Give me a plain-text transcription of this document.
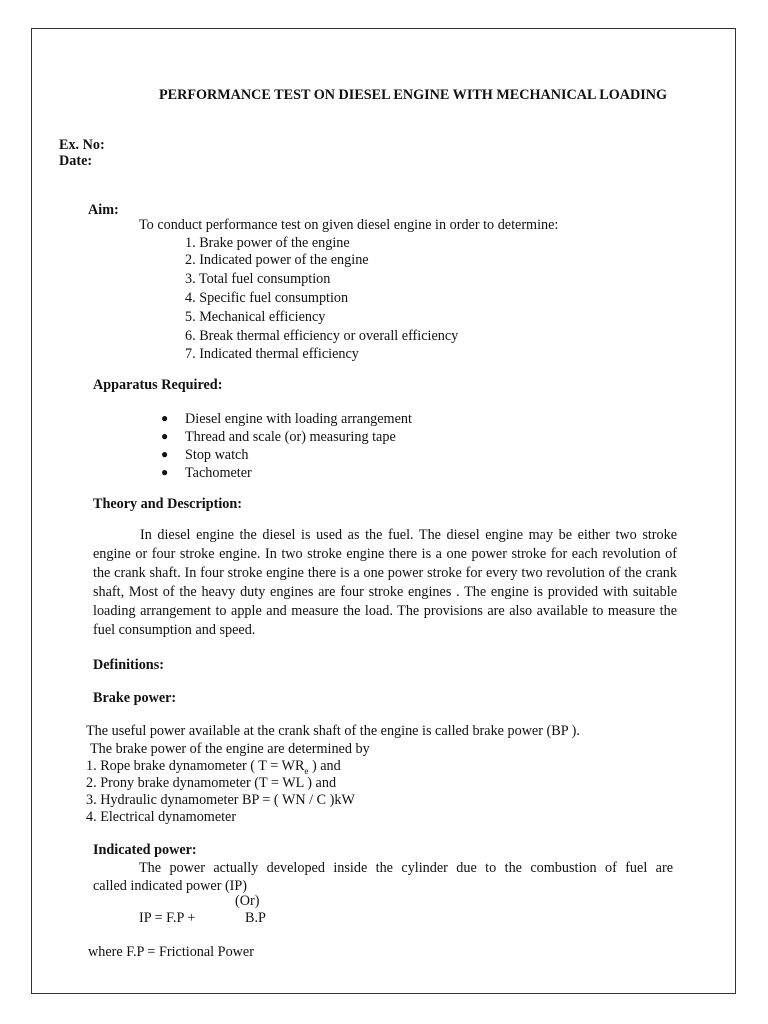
PERFORMANCE TEST ON DIESEL ENGINE WITH MECHANICAL LOADING
Ex. No:
Date:
Aim:
To conduct performance test on given diesel engine in order to determine:
1. Brake power of the engine
2. Indicated power of the engine
3. Total fuel consumption
4. Specific fuel consumption
5. Mechanical efficiency
6. Break thermal efficiency or overall efficiency
7. Indicated thermal efficiency
Apparatus Required:
● Diesel engine with loading arrangement
● Thread and scale (or) measuring tape
● Stop watch
● Tachometer
Theory and Description:
In diesel engine the diesel is used as the fuel. The diesel engine may be either two stroke engine or four stroke engine. In two stroke engine there is a one power stroke for each revolution of the crank shaft. In four stroke engine there is a one power stroke for every two revolution of the crank shaft, Most of the heavy duty engines are four stroke engines . The engine is provided with suitable loading arrangement to apple and measure the load. The provisions are also available to measure the fuel consumption and speed.
Definitions:
Brake power:
The useful power available at the crank shaft of the engine is called brake power (BP ).
The brake power of the engine are determined by
1. Rope brake dynamometer ( $T = WR_e$ ) and
2. Prony brake dynamometer (T = WL ) and
3. Hydraulic dynamometer BP = ( WN / C )kW
4. Electrical dynamometer
Indicated power:
The power actually developed inside the cylinder due to the combustion of fuel are
called indicated power (IP)
(Or)
IP = F.P +	B.P
where F.P = Frictional Power
